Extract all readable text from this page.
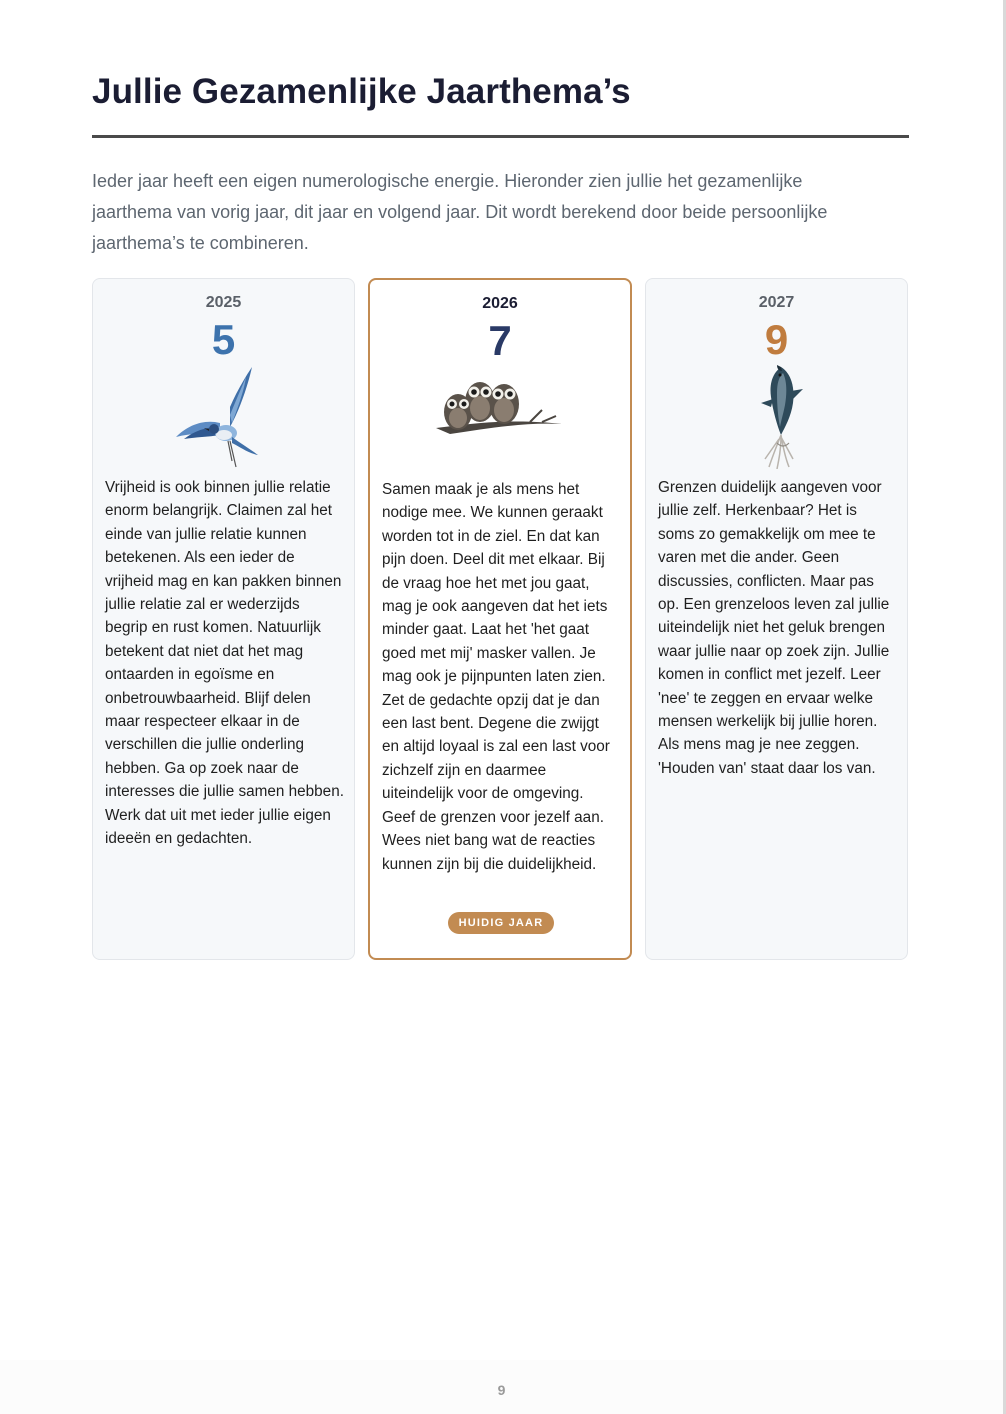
Jullie Gezamenlijke Jaarthema’s

Ieder jaar heeft een eigen numerologische energie. Hieronder zien jullie het gezamenlijke jaarthema van vorig jaar, dit jaar en volgend jaar. Dit wordt berekend door beide persoonlijke jaarthema’s te combineren.

2025
5

Vrijheid is ook binnen jullie relatie enorm belangrijk. Claimen zal het einde van jullie relatie kunnen betekenen. Als een ieder de vrijheid mag en kan pakken binnen jullie relatie zal er wederzijds begrip en rust komen. Natuurlijk betekent dat niet dat het mag ontaarden in egoïsme en onbetrouwbaarheid. Blijf delen maar respecteer elkaar in de verschillen die jullie onderling hebben. Ga op zoek naar de interesses die jullie samen hebben. Werk dat uit met ieder jullie eigen ideeën en gedachten.

2026
7

Samen maak je als mens het nodige mee. We kunnen geraakt worden tot in de ziel. En dat kan pijn doen. Deel dit met elkaar. Bij de vraag hoe het met jou gaat, mag je ook aangeven dat het iets minder gaat. Laat het 'het gaat goed met mij' masker vallen. Je mag ook je pijnpunten laten zien. Zet de gedachte opzij dat je dan een last bent. Degene die zwijgt en altijd loyaal is zal een last voor zichzelf zijn en daarmee uiteindelijk voor de omgeving. Geef de grenzen voor jezelf aan. Wees niet bang wat de reacties kunnen zijn bij die duidelijkheid.

HUIDIG JAAR
2027
9

Grenzen duidelijk aangeven voor jullie zelf. Herkenbaar? Het is soms zo gemakkelijk om mee te varen met die ander. Geen discussies, conflicten. Maar pas op. Een grenzeloos leven zal jullie uiteindelijk niet het geluk brengen waar jullie naar op zoek zijn. Jullie komen in conflict met jezelf. Leer 'nee' te zeggen en ervaar welke mensen werkelijk bij jullie horen. Als mens mag je nee zeggen. 'Houden van' staat daar los van.

9
